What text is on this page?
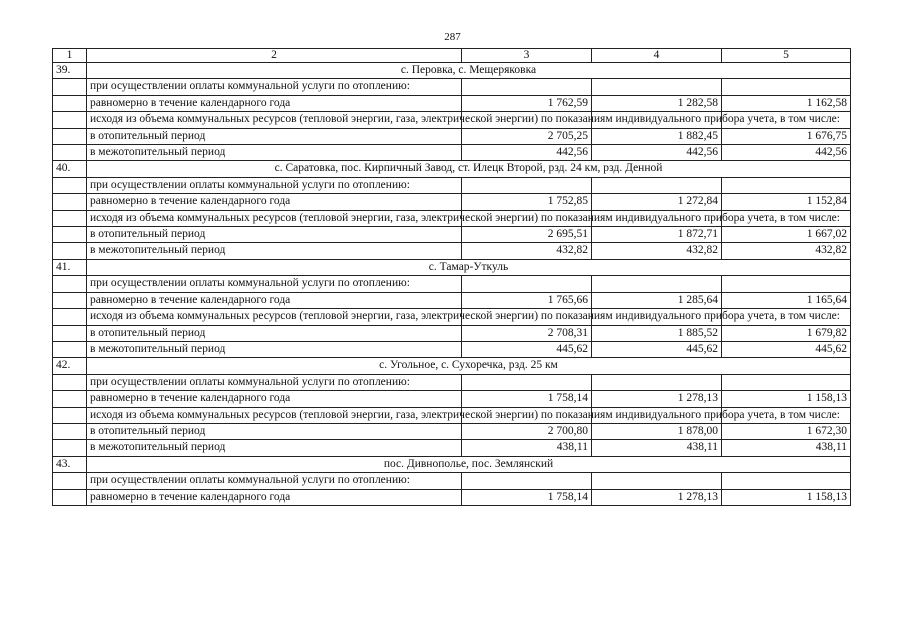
287
1	2	3	4	5
39.	с. Перовка, с. Мещеряковка			
	при осуществлении оплаты коммунальной услуги по отоплению:			
	равномерно в течение календарного года	1 762,59	1 282,58	1 162,58
	исходя из объема коммунальных ресурсов (тепловой энергии, газа, электрической энергии) по показаниям индивидуального прибора учета, в том числе:			
	в отопительный период	2 705,25	1 882,45	1 676,75
	в межотопительный период	442,56	442,56	442,56
40.	с. Саратовка, пос. Кирпичный Завод, ст. Илецк Второй, рзд. 24 км, рзд. Денной			
	при осуществлении оплаты коммунальной услуги по отоплению:			
	равномерно в течение календарного года	1 752,85	1 272,84	1 152,84
	исходя из объема коммунальных ресурсов (тепловой энергии, газа, электрической энергии) по показаниям индивидуального прибора учета, в том числе:			
	в отопительный период	2 695,51	1 872,71	1 667,02
	в межотопительный период	432,82	432,82	432,82
41.	с. Тамар-Уткуль			
	при осуществлении оплаты коммунальной услуги по отоплению:			
	равномерно в течение календарного года	1 765,66	1 285,64	1 165,64
	исходя из объема коммунальных ресурсов (тепловой энергии, газа, электрической энергии) по показаниям индивидуального прибора учета, в том числе:			
	в отопительный период	2 708,31	1 885,52	1 679,82
	в межотопительный период	445,62	445,62	445,62
42.	с. Угольное, с. Сухоречка, рзд. 25 км			
	при осуществлении оплаты коммунальной услуги по отоплению:			
	равномерно в течение календарного года	1 758,14	1 278,13	1 158,13
	исходя из объема коммунальных ресурсов (тепловой энергии, газа, электрической энергии) по показаниям индивидуального прибора учета, в том числе:			
	в отопительный период	2 700,80	1 878,00	1 672,30
	в межотопительный период	438,11	438,11	438,11
43.	пос. Дивнополье, пос. Землянский			
	при осуществлении оплаты коммунальной услуги по отоплению:			
	равномерно в течение календарного года	1 758,14	1 278,13	1 158,13
